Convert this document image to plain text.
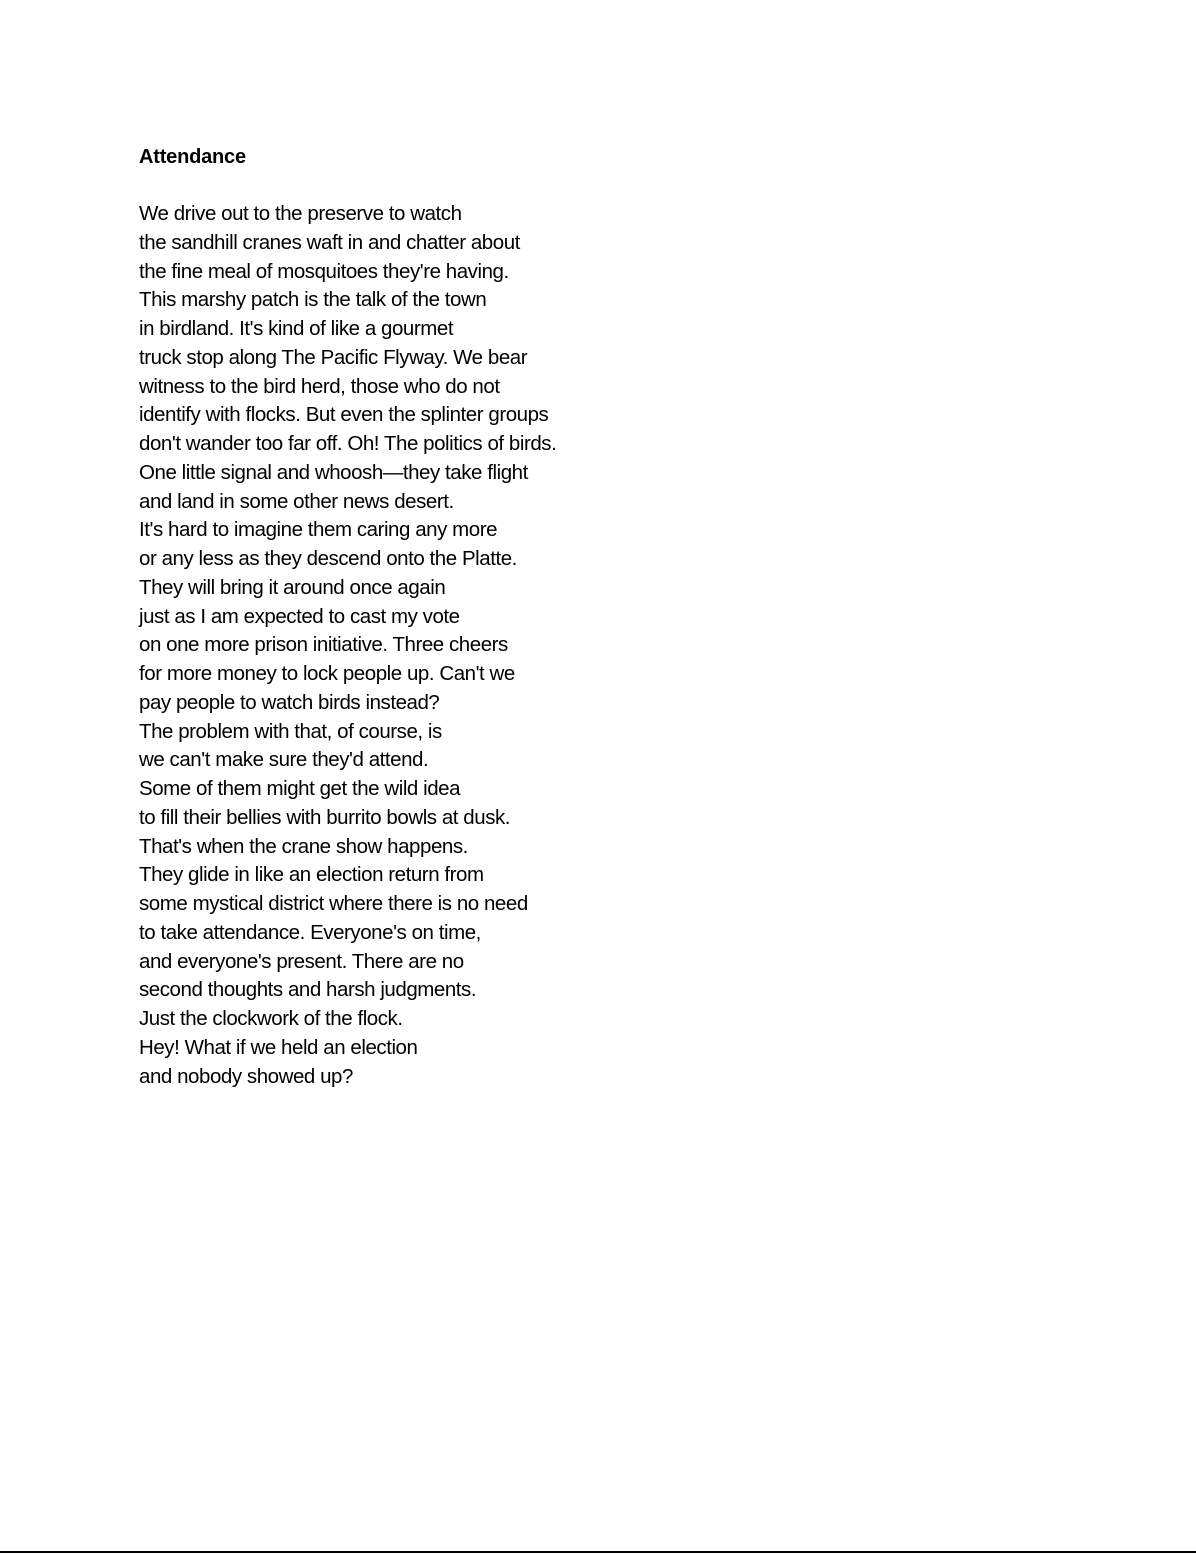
Attendance
We drive out to the preserve to watch
the sandhill cranes waft in and chatter about
the fine meal of mosquitoes they're having.
This marshy patch is the talk of the town
in birdland. It's kind of like a gourmet
truck stop along The Pacific Flyway. We bear
witness to the bird herd, those who do not
identify with flocks. But even the splinter groups
don't wander too far off. Oh! The politics of birds.
One little signal and whoosh—they take flight
and land in some other news desert.
It's hard to imagine them caring any more
or any less as they descend onto the Platte.
They will bring it around once again
just as I am expected to cast my vote
on one more prison initiative. Three cheers
for more money to lock people up. Can't we
pay people to watch birds instead?
The problem with that, of course, is
we can't make sure they'd attend.
Some of them might get the wild idea
to fill their bellies with burrito bowls at dusk.
That's when the crane show happens.
They glide in like an election return from
some mystical district where there is no need
to take attendance. Everyone's on time,
and everyone's present. There are no
second thoughts and harsh judgments.
Just the clockwork of the flock.
Hey! What if we held an election
and nobody showed up?
